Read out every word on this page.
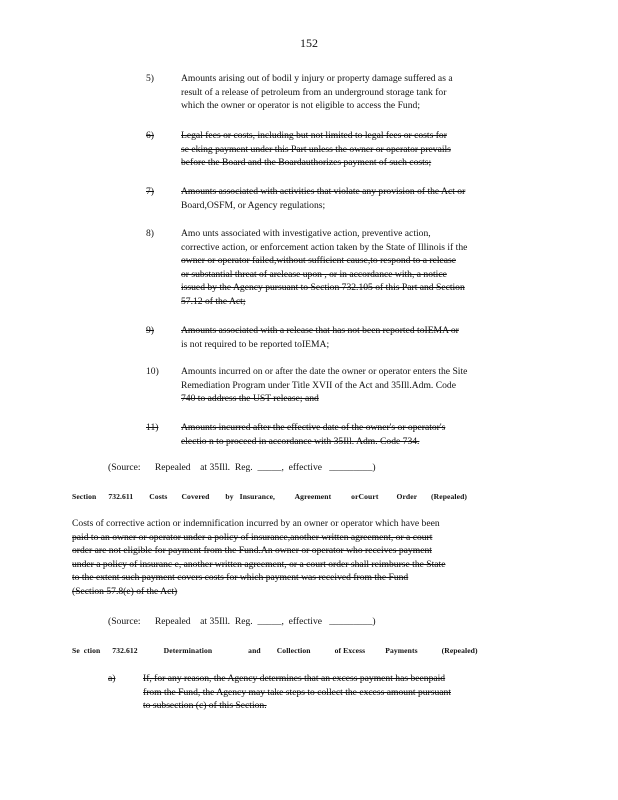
152
5)	Amounts arising out of bodil y injury or property damage suffered as a
result of a release of petroleum from an underground storage tank for
which the owner or operator is not eligible to access the Fund;
6)	Legal fees or costs, including but not limited to legal fees or costs for
se eking payment under this Part unless the owner or operator prevails
before the Board and the Boardauthorizes payment of such costs;
7)	Amounts associated with activities that violate any provision of the Act or
Board,OSFM, or Agency regulations;
8)	Amo unts associated with investigative action, preventive action,
corrective action, or enforcement action taken by the State of Illinois if the
owner or operator failed,without sufficient cause,to respond to a release
or substantial threat of arelease upon , or in accordance with, a notice
issued by the Agency pursuant to Section 732.105 of this Part and Section
57.12 of the Act;
9)	Amounts associated with a release that has not been reported toIEMA or
is not required to be reported toIEMA;
10)	Amounts incurred on or after the date the owner or operator enters the Site
Remediation Program under Title XVII of the Act and 35Ill.Adm. Code
740 to address the UST release; and
11)	Amounts incurred after the effective date of the owner's or operator's
electio n to proceed in accordance with 35Ill. Adm. Code 734.
(Source:      Repealed    at 35Ill.  Reg.  _____,  effective   _________)
Section      732.611        Costs       Covered        by   Insurance,          Agreement          orCourt         Order       (Repealed)
Costs of corrective action or indemnification incurred by an owner or operator which have been
paid to an owner or operator under a policy of insurance,another written agreement, or a court
order are not eligible for payment from the Fund.An owner or operator who receives payment
under a policy of insuranc e, another written agreement, or a court order shall reimburse the State
to the extent such payment covers costs for which payment was received from the Fund
(Section 57.8(e) of the Act)
(Source:      Repealed    at 35Ill.  Reg.  _____,  effective   _________)
Se  ction      732.612             Determination                  and        Collection            of Excess          Payments            (Repealed)
a)	If, for any reason, the Agency determines that an excess payment has beenpaid
from the Fund, the Agency may take steps to collect the excess amount pursuant
to subsection (c) of this Section.
